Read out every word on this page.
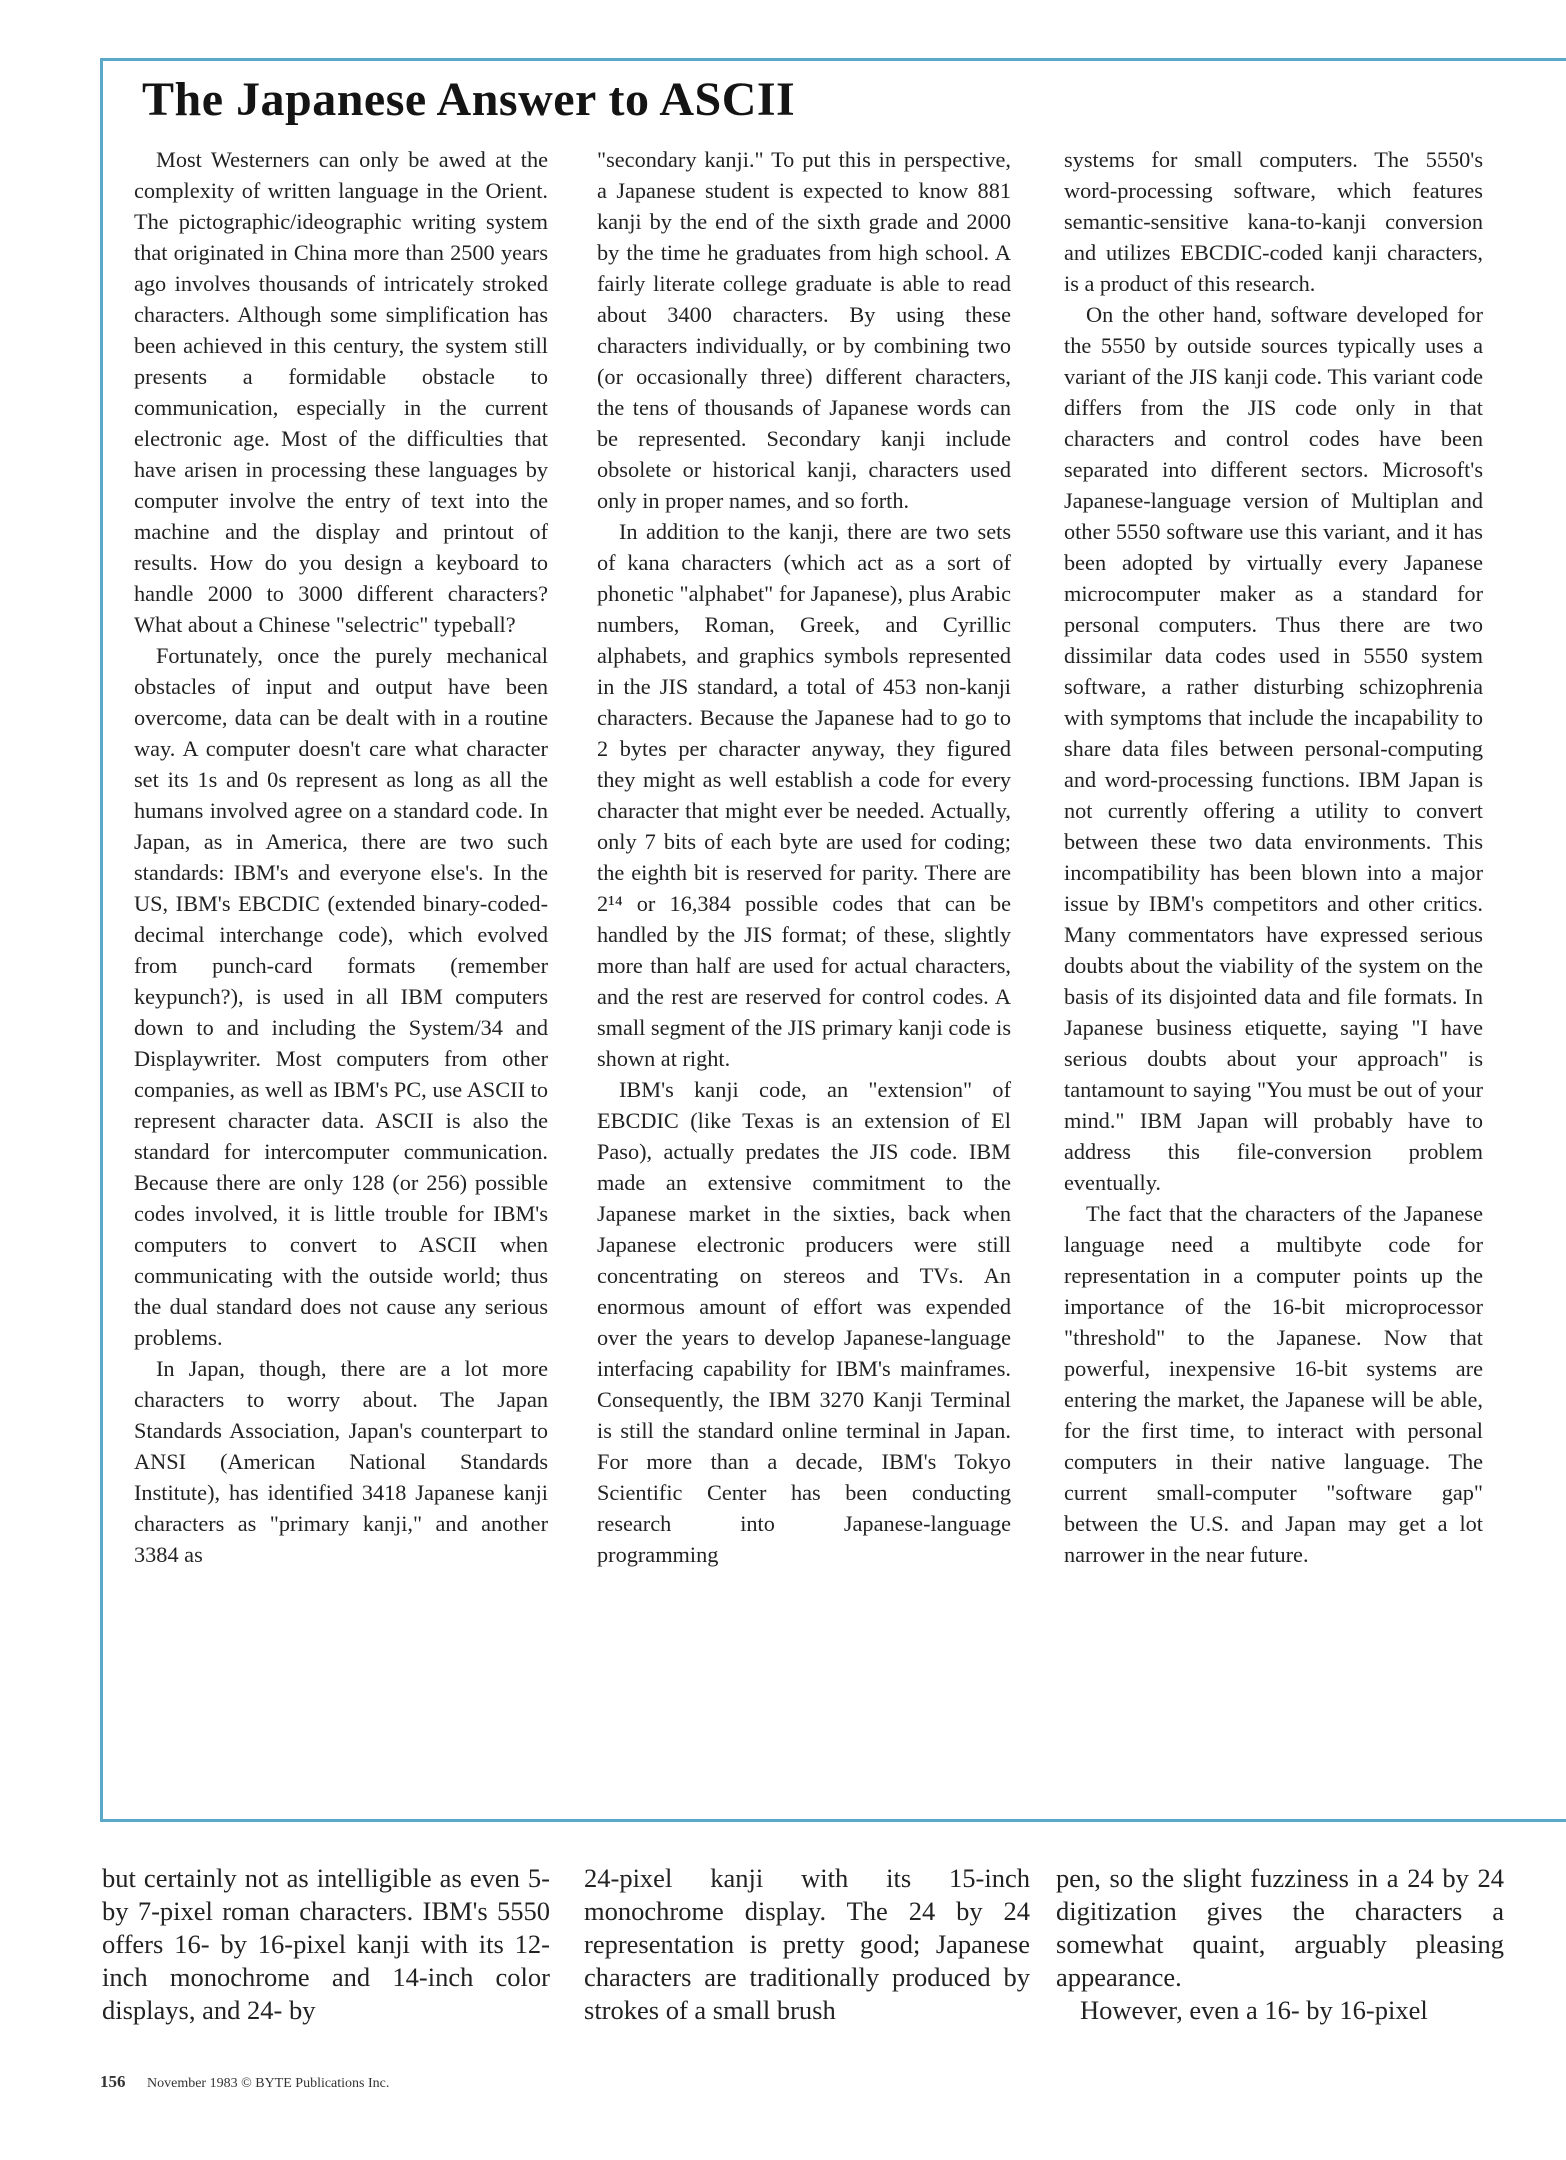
The Japanese Answer to ASCII

Most Westerners can only be awed at the complexity of written language in the Orient. The pictographic/ideographic writing system that originated in China more than 2500 years ago involves thousands of intricately stroked characters. Although some simplification has been achieved in this century, the system still presents a formidable obstacle to communication, especially in the current electronic age. Most of the difficulties that have arisen in processing these languages by computer involve the entry of text into the machine and the display and printout of results. How do you design a keyboard to handle 2000 to 3000 different characters? What about a Chinese "selectric" typeball?

Fortunately, once the purely mechanical obstacles of input and output have been overcome, data can be dealt with in a routine way. A computer doesn't care what character set its 1s and 0s represent as long as all the humans involved agree on a standard code. In Japan, as in America, there are two such standards: IBM's and everyone else's. In the US, IBM's EBCDIC (extended binary-coded-decimal interchange code), which evolved from punch-card formats (remember keypunch?), is used in all IBM computers down to and including the System/34 and Displaywriter. Most computers from other companies, as well as IBM's PC, use ASCII to represent character data. ASCII is also the standard for intercomputer communication. Because there are only 128 (or 256) possible codes involved, it is little trouble for IBM's computers to convert to ASCII when communicating with the outside world; thus the dual standard does not cause any serious problems.

In Japan, though, there are a lot more characters to worry about. The Japan Standards Association, Japan's counterpart to ANSI (American National Standards Institute), has identified 3418 Japanese kanji characters as "primary kanji," and another 3384 as

"secondary kanji." To put this in perspective, a Japanese student is expected to know 881 kanji by the end of the sixth grade and 2000 by the time he graduates from high school. A fairly literate college graduate is able to read about 3400 characters. By using these characters individually, or by combining two (or occasionally three) different characters, the tens of thousands of Japanese words can be represented. Secondary kanji include obsolete or historical kanji, characters used only in proper names, and so forth.

In addition to the kanji, there are two sets of kana characters (which act as a sort of phonetic "alphabet" for Japanese), plus Arabic numbers, Roman, Greek, and Cyrillic alphabets, and graphics symbols represented in the JIS standard, a total of 453 non-kanji characters. Because the Japanese had to go to 2 bytes per character anyway, they figured they might as well establish a code for every character that might ever be needed. Actually, only 7 bits of each byte are used for coding; the eighth bit is reserved for parity. There are 2¹⁴ or 16,384 possible codes that can be handled by the JIS format; of these, slightly more than half are used for actual characters, and the rest are reserved for control codes. A small segment of the JIS primary kanji code is shown at right.

IBM's kanji code, an "extension" of EBCDIC (like Texas is an extension of El Paso), actually predates the JIS code. IBM made an extensive commitment to the Japanese market in the sixties, back when Japanese electronic producers were still concentrating on stereos and TVs. An enormous amount of effort was expended over the years to develop Japanese-language interfacing capability for IBM's mainframes. Consequently, the IBM 3270 Kanji Terminal is still the standard online terminal in Japan. For more than a decade, IBM's Tokyo Scientific Center has been conducting research into Japanese-language programming

systems for small computers. The 5550's word-processing software, which features semantic-sensitive kana-to-kanji conversion and utilizes EBCDIC-coded kanji characters, is a product of this research.

On the other hand, software developed for the 5550 by outside sources typically uses a variant of the JIS kanji code. This variant code differs from the JIS code only in that characters and control codes have been separated into different sectors. Microsoft's Japanese-language version of Multiplan and other 5550 software use this variant, and it has been adopted by virtually every Japanese microcomputer maker as a standard for personal computers. Thus there are two dissimilar data codes used in 5550 system software, a rather disturbing schizophrenia with symptoms that include the incapability to share data files between personal-computing and word-processing functions. IBM Japan is not currently offering a utility to convert between these two data environments. This incompatibility has been blown into a major issue by IBM's competitors and other critics. Many commentators have expressed serious doubts about the viability of the system on the basis of its disjointed data and file formats. In Japanese business etiquette, saying "I have serious doubts about your approach" is tantamount to saying "You must be out of your mind." IBM Japan will probably have to address this file-conversion problem eventually.

The fact that the characters of the Japanese language need a multibyte code for representation in a computer points up the importance of the 16-bit microprocessor "threshold" to the Japanese. Now that powerful, inexpensive 16-bit systems are entering the market, the Japanese will be able, for the first time, to interact with personal computers in their native language. The current small-computer "software gap" between the U.S. and Japan may get a lot narrower in the near future.

but certainly not as intelligible as even 5- by 7-pixel roman characters. IBM's 5550 offers 16- by 16-pixel kanji with its 12-inch monochrome and 14-inch color displays, and 24- by

24-pixel kanji with its 15-inch monochrome display. The 24 by 24 representation is pretty good; Japanese characters are traditionally produced by strokes of a small brush

pen, so the slight fuzziness in a 24 by 24 digitization gives the characters a somewhat quaint, arguably pleasing appearance.

However, even a 16- by 16-pixel

156 November 1983 © BYTE Publications Inc.
